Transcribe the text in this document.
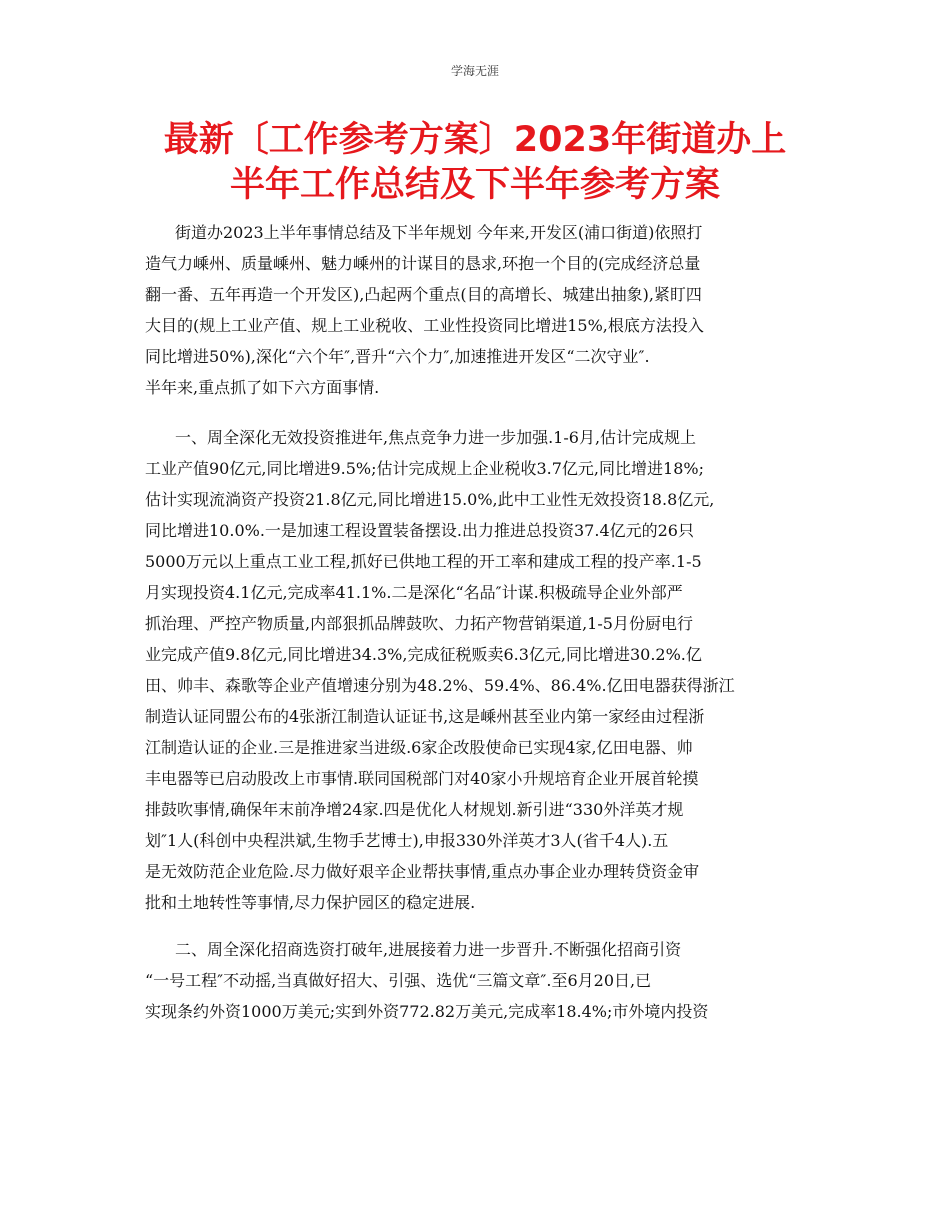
学海无涯
最新〔工作参考方案〕2023年街道办上
半年工作总结及下半年参考方案
街道办2023上半年事情总结及下半年规划 今年来,开发区(浦口街道)依照打
造气力嵊州、质量嵊州、魅力嵊州的计谋目的恳求,环抱一个目的(完成经济总量
翻一番、五年再造一个开发区),凸起两个重点(目的高增长、城建出抽象),紧盯四
大目的(规上工业产值、规上工业税收、工业性投资同比增进15%,根底方法投入
同比增进50%),深化“六个年″,晋升“六个力″,加速推进开发区“二次守业″.
半年来,重点抓了如下六方面事情.
一、周全深化无效投资推进年,焦点竞争力进一步加强.1-6月,估计完成规上
工业产值90亿元,同比增进9.5%;估计完成规上企业税收3.7亿元,同比增进18%;
估计实现流淌资产投资21.8亿元,同比增进15.0%,此中工业性无效投资18.8亿元,
同比增进10.0%.一是加速工程设置装备摆设.出力推进总投资37.4亿元的26只
5000万元以上重点工业工程,抓好已供地工程的开工率和建成工程的投产率.1-5
月实现投资4.1亿元,完成率41.1%.二是深化“名品″计谋.积极疏导企业外部严
抓治理、严控产物质量,内部狠抓品牌鼓吹、力拓产物营销渠道,1-5月份厨电行
业完成产值9.8亿元,同比增进34.3%,完成征税贩卖6.3亿元,同比增进30.2%.亿
田、帅丰、森歌等企业产值增速分别为48.2%、59.4%、86.4%.亿田电器获得浙江
制造认证同盟公布的4张浙江制造认证证书,这是嵊州甚至业内第一家经由过程浙
江制造认证的企业.三是推进家当进级.6家企改股使命已实现4家,亿田电器、帅
丰电器等已启动股改上市事情.联同国税部门对40家小升规培育企业开展首轮摸
排鼓吹事情,确保年末前净增24家.四是优化人材规划.新引进“330外洋英才规
划″1人(科创中央程洪斌,生物手艺博士),申报330外洋英才3人(省千4人).五
是无效防范企业危险.尽力做好艰辛企业帮扶事情,重点办事企业办理转贷资金审
批和土地转性等事情,尽力保护园区的稳定进展.
二、周全深化招商选资打破年,进展接着力进一步晋升.不断强化招商引资
“一号工程″不动摇,当真做好招大、引强、选优“三篇文章″.至6月20日,已
实现条约外资1000万美元;实到外资772.82万美元,完成率18.4%;市外境内投资
